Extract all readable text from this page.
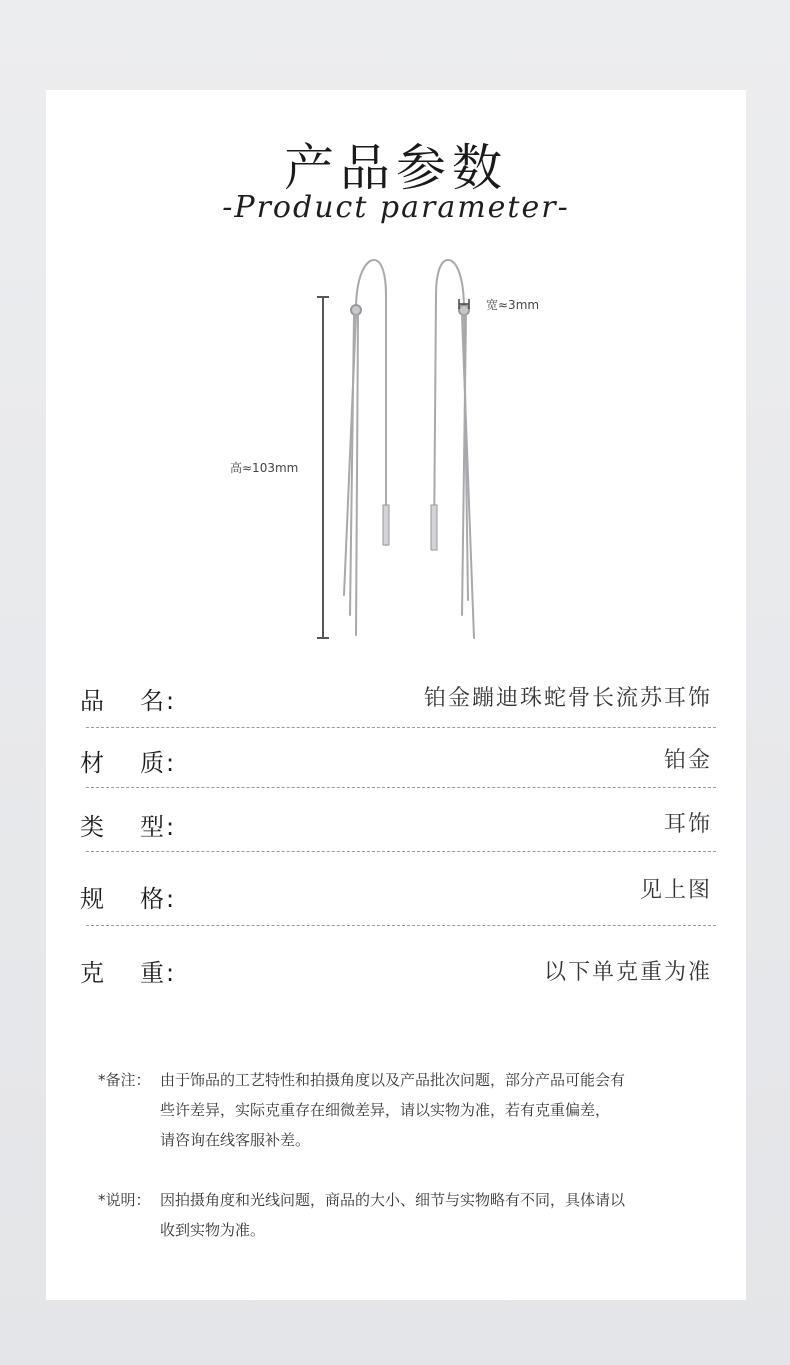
产品参数
-Product parameter-
高≈103mm
宽≈3mm
品 名:	铂金蹦迪珠蛇骨长流苏耳饰
材 质:	铂金
类 型:	耳饰
规 格:	见上图
克 重:	以下单克重为准
*备注： 由于饰品的工艺特性和拍摄角度以及产品批次问题，部分产品可能会有
些许差异，实际克重存在细微差异，请以实物为准，若有克重偏差，
请咨询在线客服补差。
*说明： 因拍摄角度和光线问题，商品的大小、细节与实物略有不同，具体请以
收到实物为准。
